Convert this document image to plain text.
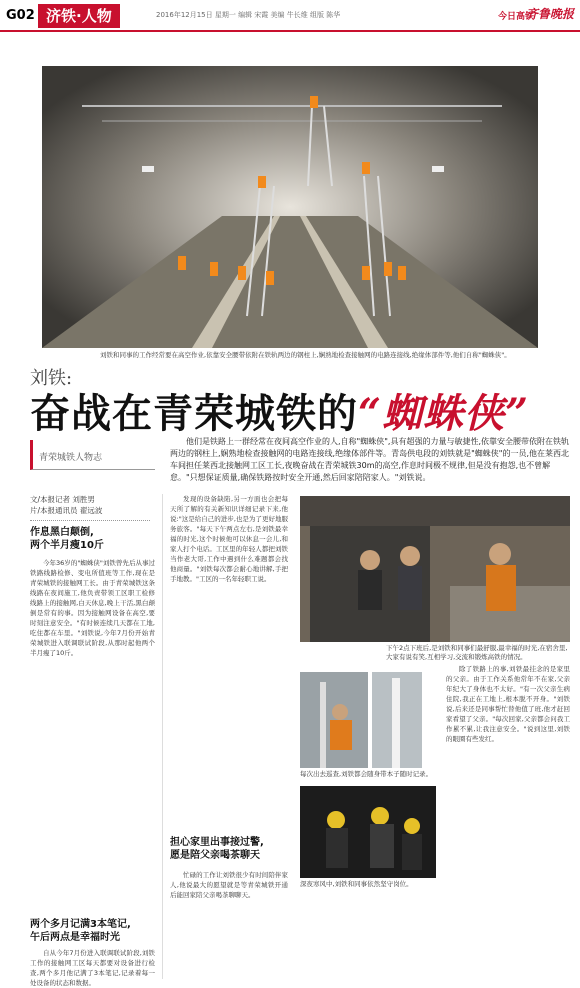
G02 济铁·人物	2016年12月15日 星期一 编辑 宋霞 美编 牛长维 组版 陈华	今日高铁
齐鲁晚报
刘铁和同事的工作经常要在高空作业,依靠安全腰带依附在铁轨两边的钢柱上,娴熟地检查接触网的电路连接线,绝缘体部件等,他们自称"蜘蛛侠"。
刘铁:
奋战在青荣城铁的“蜘蛛侠”
青荣城铁人物志
他们是铁路上一群经常在夜间高空作业的人,自称"蜘蛛侠",具有超强的力量与敏捷性,依靠安全腰带依附在铁轨两边的钢柱上,娴熟地检查接触网的电路连接线,绝缘体部件等。青岛供电段的刘铁就是"蜘蛛侠"的一员,他在莱西北车间担任莱西北接触网工区工长,夜晚奋战在青荣城铁30m的高空,作息时间极不规律,但是没有抱怨,也不曾解怠。"只想保证质量,确保铁路按时安全开通,然后回家陪陪家人。"刘铁说。
文/本报记者 刘胜男
片/本报通讯员 翟远波
作息黑白颠倒,
两个半月瘦10斤

今年36岁的"蜘蛛侠"刘铁曾先后从事过铁路线路检修、变电所值班等工作,现在是青荣城铁的接触网工长。由于青荣城铁这条线路在夜间施工,他负责带领工区职工检修线路上的接触网,白天休息,晚上干活,黑白颠倒是常有的事。因为接触网设备在高空,要时刻注意安全。"有时候连续几天都在工地,吃住都在车里。"刘铁说,今年7月份开始青荣城铁进入联调联试阶段,从那时起他两个半月瘦了10斤。

两个多月记满3本笔记,
午后两点是幸福时光

自从今年7月份进入联调联试阶段,刘铁工作的接触网工区每天都要对设备进行检查,两个多月他记满了3本笔记,记录着每一处设备的状态和数据。

发现的设备缺陷,另一方面也会把每天所了解的有关新知识详细记录下来,他说:"这是给自己的进步,也是为了更好地服务旅客。"每天下午两点左右,是刘铁最幸福的时光,这个时候他可以休息一会儿,和家人打个电话。工区里的年轻人都把刘铁当作老大哥,工作中遇到什么难题都会找他商量。"刘铁每次都会耐心地讲解,手把手地教。"工区的一名年轻职工说。

担心家里出事接过警,
愿是陪父亲喝茶聊天

忙碌的工作让刘铁很少有时间陪伴家人,他说最大的愿望就是等青荣城铁开通后能回家陪父亲喝茶聊聊天。

下午2点下班后,是刘铁和同事们最舒服,最幸福的时光,在宿舍里,大家有说有笑,互相学习,交流和锻炼高铁的情况。
每次出去巡查,刘铁都会随身带本子随时记录。
深夜寒风中,刘铁和同事依然坚守岗位。

除了铁路上的事,刘铁最挂念的是家里的父亲。由于工作关系他常年不在家,父亲年纪大了身体也不太好。"有一次父亲生病住院,我正在工地上,根本脱不开身。"刘铁说,后来还是同事帮忙替他值了班,他才赶回家看望了父亲。"每次回家,父亲都会问我工作累不累,让我注意安全。"说到这里,刘铁的眼圈有些发红。
